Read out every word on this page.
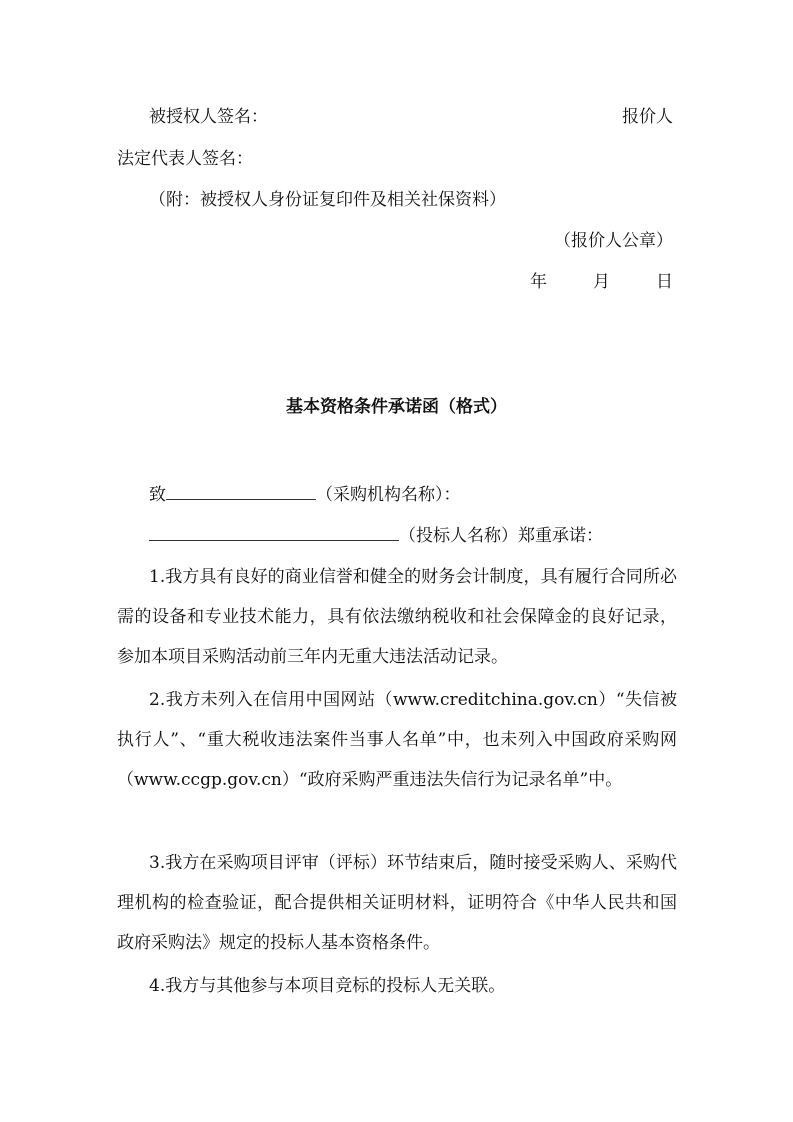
被授权人签名：	报价人
法定代表人签名：
（附：被授权人身份证复印件及相关社保资料）
（报价人公章）
年	月	日
基本资格条件承诺函（格式）
致	（采购机构名称）：
（投标人名称）郑重承诺：
1.我方具有良好的商业信誉和健全的财务会计制度，具有履行合同所必需的设备和专业技术能力，具有依法缴纳税收和社会保障金的良好记录，参加本项目采购活动前三年内无重大违法活动记录。
2.我方未列入在信用中国网站（www.creditchina.gov.cn）“失信被执行人”、“重大税收违法案件当事人名单”中，也未列入中国政府采购网（www.ccgp.gov.cn）“政府采购严重违法失信行为记录名单”中。
3.我方在采购项目评审（评标）环节结束后，随时接受采购人、采购代理机构的检查验证，配合提供相关证明材料，证明符合《中华人民共和国政府采购法》规定的投标人基本资格条件。
4.我方与其他参与本项目竞标的投标人无关联。
